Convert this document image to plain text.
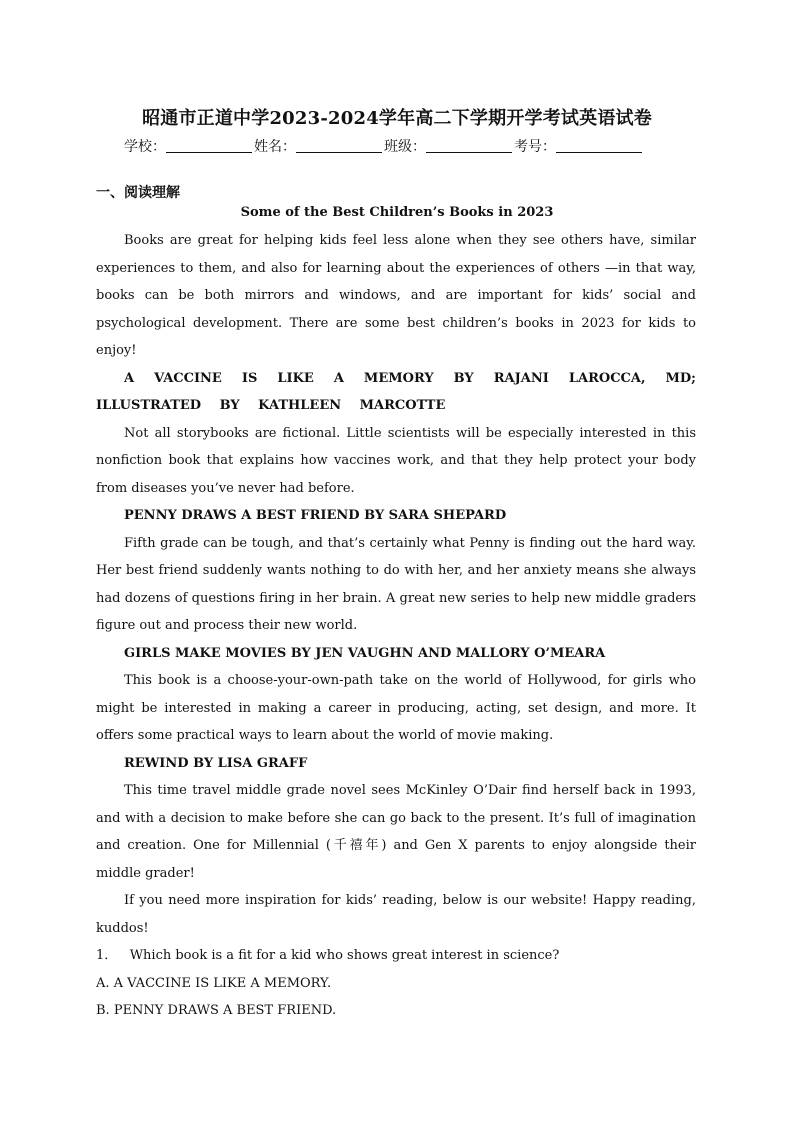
昭通市正道中学2023-2024学年高二下学期开学考试英语试卷
学校：	姓名：	班级：	考号：
一、阅读理解
Some of the Best Children’s Books in 2023

Books are great for helping kids feel less alone when they see others have, similar experiences to them, and also for learning about the experiences of others —in that way, books can be both mirrors and windows, and are important for kids’ social and psychological development. There are some best children’s books in 2023 for kids to enjoy!

A VACCINE IS LIKE A MEMORY BY RAJANI LAROCCA, MD; ILLUSTRATED BY KATHLEEN MARCOTTE

Not all storybooks are fictional. Little scientists will be especially interested in this nonfiction book that explains how vaccines work, and that they help protect your body from diseases you’ve never had before.

PENNY DRAWS A BEST FRIEND BY SARA SHEPARD

Fifth grade can be tough, and that’s certainly what Penny is finding out the hard way. Her best friend suddenly wants nothing to do with her, and her anxiety means she always had dozens of questions firing in her brain. A great new series to help new middle graders figure out and process their new world.

GIRLS MAKE MOVIES BY JEN VAUGHN AND MALLORY O’MEARA

This book is a choose-your-own-path take on the world of Hollywood, for girls who might be interested in making a career in producing, acting, set design, and more. It offers some practical ways to learn about the world of movie making.

REWIND BY LISA GRAFF

This time travel middle grade novel sees McKinley O’Dair find herself back in 1993, and with a decision to make before she can go back to the present. It’s full of imagination and creation. One for Millennial (千禧年) and Gen X parents to enjoy alongside their middle grader!

If you need more inspiration for kids’ reading, below is our website! Happy reading, kuddos!

1． Which book is a fit for a kid who shows great interest in science?

A. A VACCINE IS LIKE A MEMORY.

B. PENNY DRAWS A BEST FRIEND.
